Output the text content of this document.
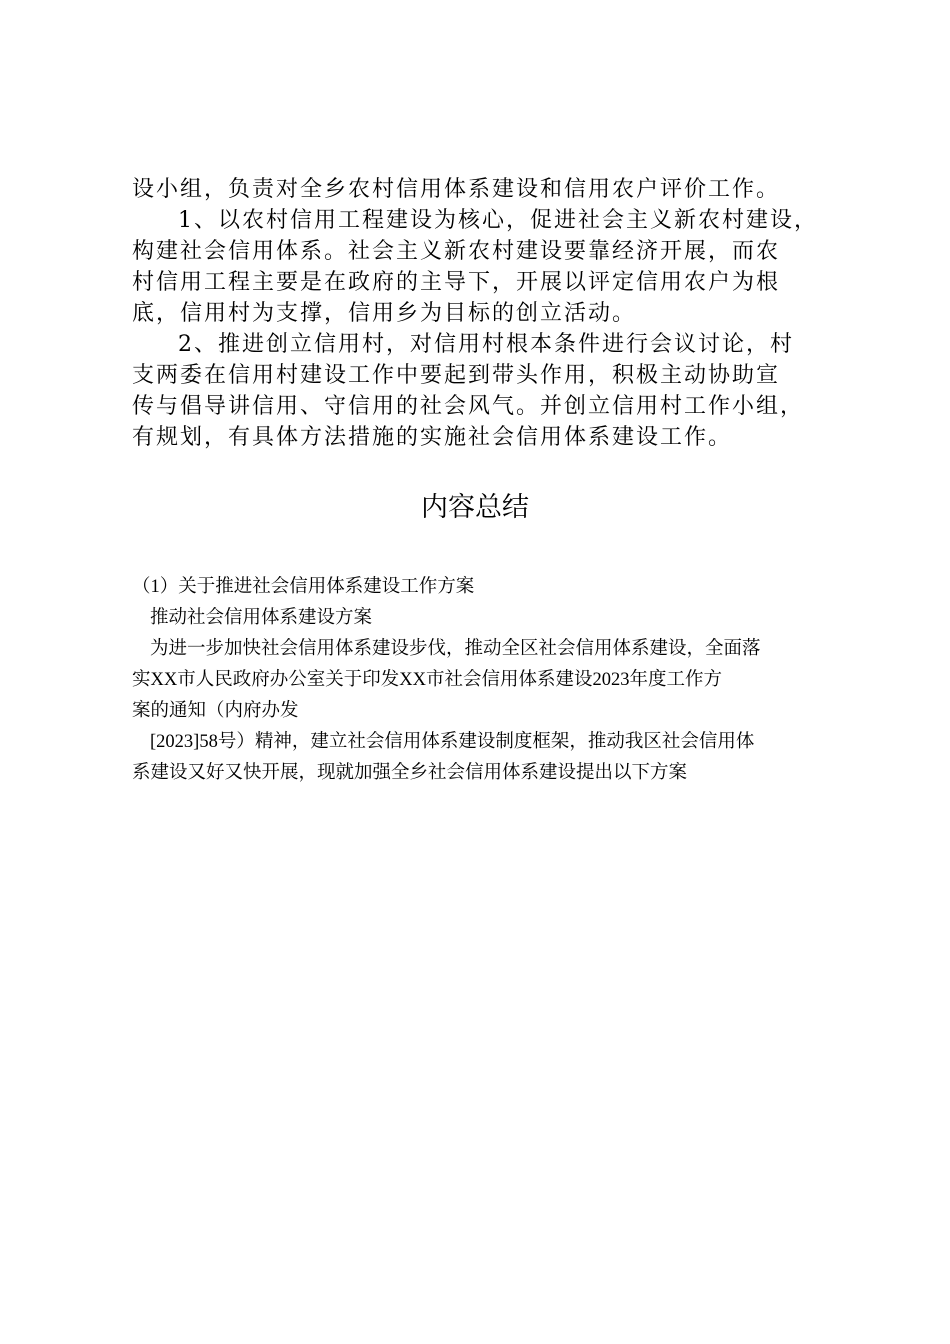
设小组，负责对全乡农村信用体系建设和信用农户评价工作。

1、以农村信用工程建设为核心，促进社会主义新农村建设，

构建社会信用体系。社会主义新农村建设要靠经济开展，而农

村信用工程主要是在政府的主导下，开展以评定信用农户为根

底，信用村为支撑，信用乡为目标的创立活动。

2、推进创立信用村，对信用村根本条件进行会议讨论，村

支两委在信用村建设工作中要起到带头作用，积极主动协助宣

传与倡导讲信用、守信用的社会风气。并创立信用村工作小组，

有规划，有具体方法措施的实施社会信用体系建设工作。

内容总结

（1）关于推进社会信用体系建设工作方案

推动社会信用体系建设方案

为进一步加快社会信用体系建设步伐，推动全区社会信用体系建设，全面落

实XX市人民政府办公室关于印发XX市社会信用体系建设2023年度工作方

案的通知（内府办发

[2023]58号）精神，建立社会信用体系建设制度框架，推动我区社会信用体

系建设又好又快开展，现就加强全乡社会信用体系建设提出以下方案
